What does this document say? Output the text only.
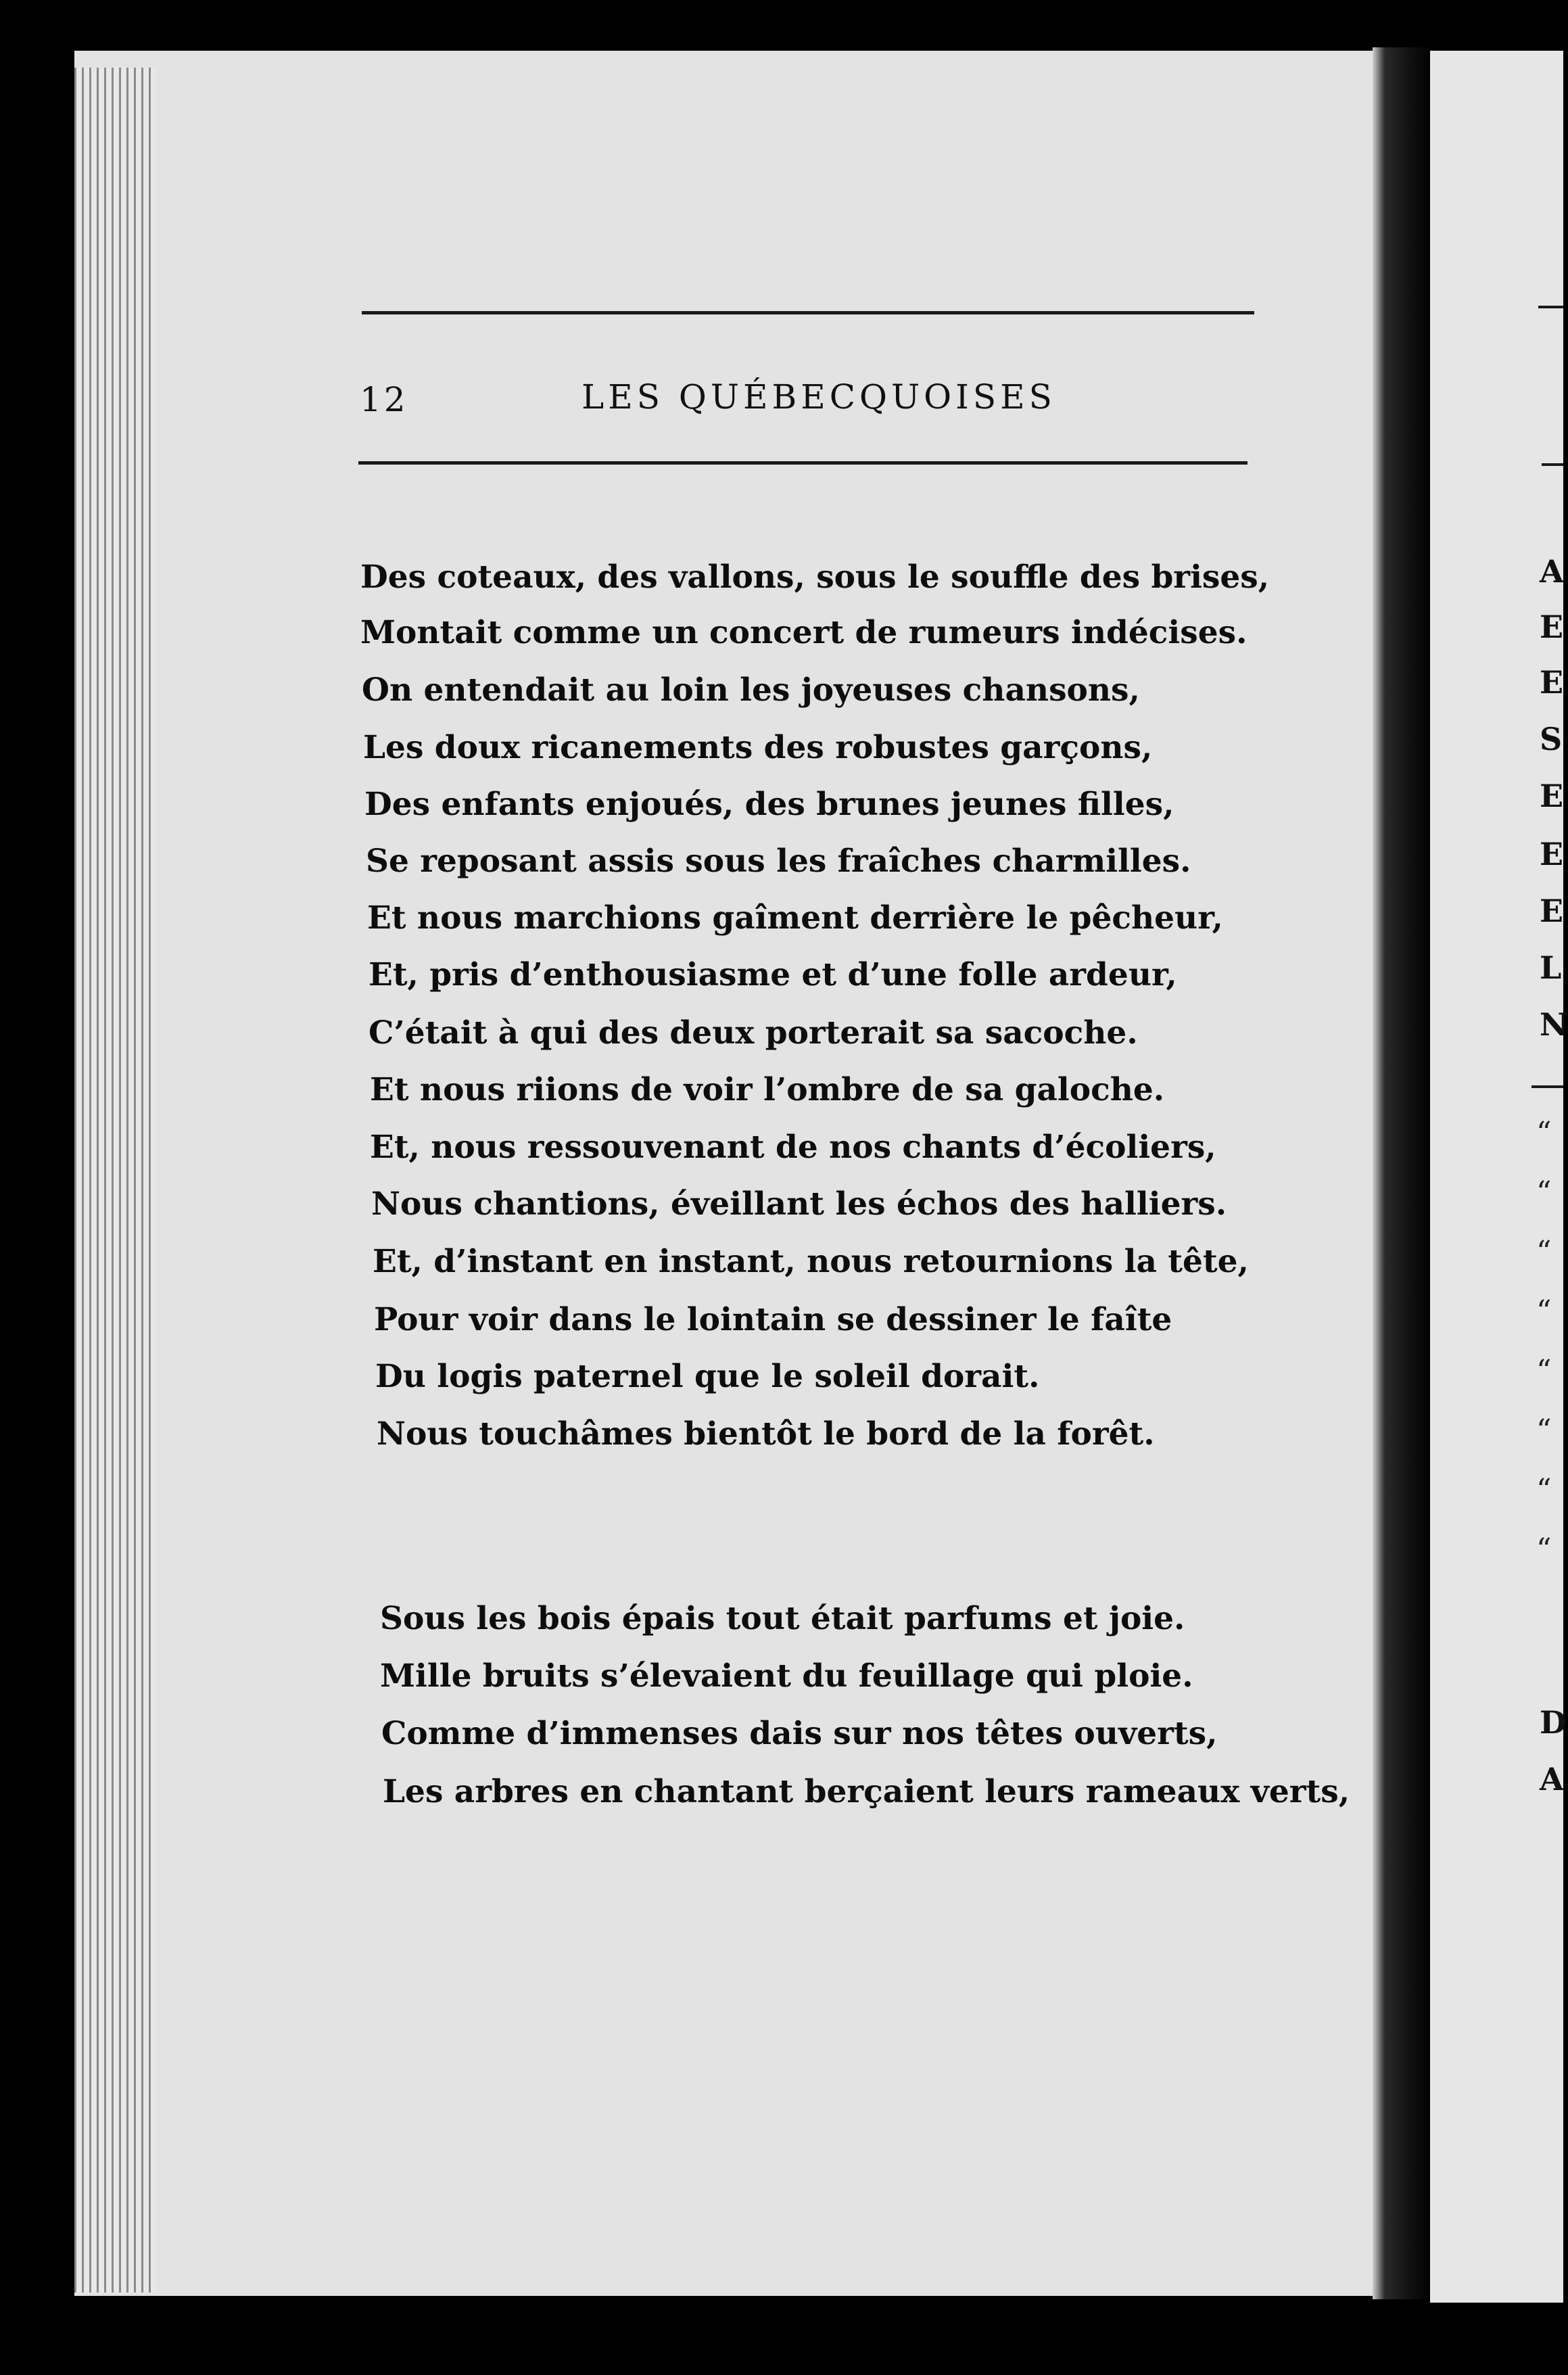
12	LES QUÉBECQUOISES

Des coteaux, des vallons, sous le souffle des brises,

Montait comme un concert de rumeurs indécises.

On entendait au loin les joyeuses chansons,

Les doux ricanements des robustes garçons,

Des enfants enjoués, des brunes jeunes filles,

Se reposant assis sous les fraîches charmilles.

Et nous marchions gaîment derrière le pêcheur,

Et, pris d’enthousiasme et d’une folle ardeur,

C’était à qui des deux porterait sa sacoche.

Et nous riions de voir l’ombre de sa galoche.

Et, nous ressouvenant de nos chants d’écoliers,

Nous chantions, éveillant les échos des halliers.

Et, d’instant en instant, nous retournions la tête,

Pour voir dans le lointain se dessiner le faîte

Du logis paternel que le soleil dorait.

Nous touchâmes bientôt le bord de la forêt.

Sous les bois épais tout était parfums et joie.

Mille bruits s’élevaient du feuillage qui ploie.

Comme d’immenses dais sur nos têtes ouverts,

Les arbres en chantant berçaient leurs rameaux verts,

A
E
E
S
E
E
E
L
N
“
“
“
“
“
“
“
“
D
A
